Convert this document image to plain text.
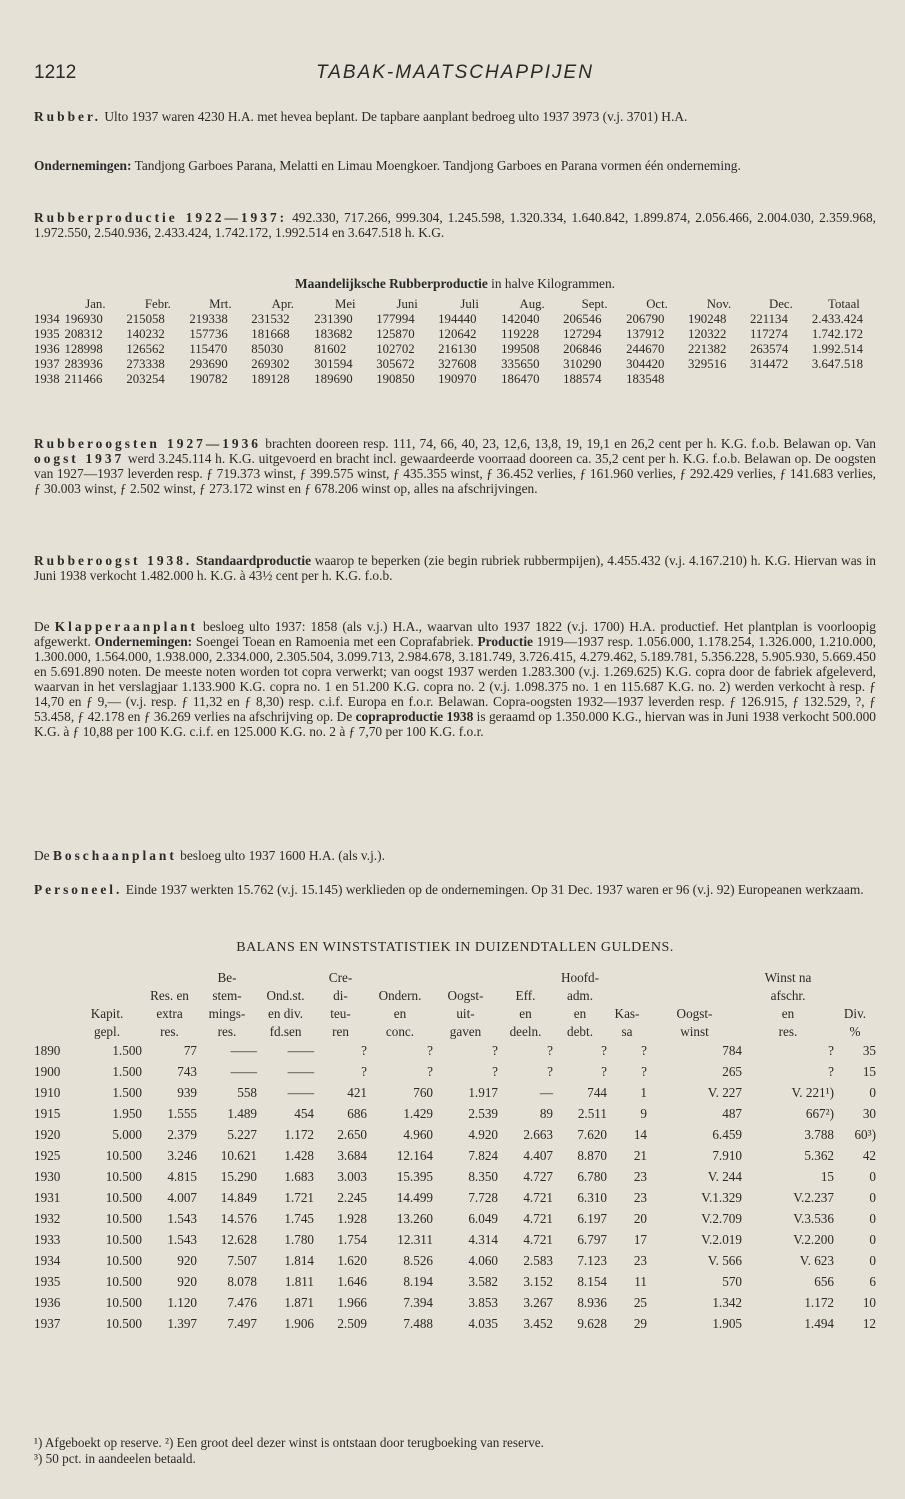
1212	TABAK-MAATSCHAPPIJEN
Rubber. Ulto 1937 waren 4230 H.A. met hevea beplant. De tapbare aanplant bedroeg ulto 1937 3973 (v.j. 3701) H.A.
Ondernemingen: Tandjong Garboes Parana, Melatti en Limau Moengkoer. Tandjong Garboes en Parana vormen één onderneming.
Rubberproductie 1922—1937: 492.330, 717.266, 999.304, 1.245.598, 1.320.334, 1.640.842, 1.899.874, 2.056.466, 2.004.030, 2.359.968, 1.972.550, 2.540.936, 2.433.424, 1.742.172, 1.992.514 en 3.647.518 h. K.G.
Maandelijksche Rubberproductie in halve Kilogrammen.
	Jan.	Febr.	Mrt.	Apr.	Mei	Juni	Juli	Aug.	Sept.	Oct.	Nov.	Dec.	Totaal
1934	196930	215058	219338	231532	231390	177994	194440	142040	206546	206790	190248	221134	2.433.424
1935	208312	140232	157736	181668	183682	125870	120642	119228	127294	137912	120322	117274	1.742.172
1936	128998	126562	115470	85030	81602	102702	216130	199508	206846	244670	221382	263574	1.992.514
1937	283936	273338	293690	269302	301594	305672	327608	335650	310290	304420	329516	314472	3.647.518
1938	211466	203254	190782	189128	189690	190850	190970	186470	188574	183548			
Rubberoogsten 1927—1936 brachten dooreen resp. 111, 74, 66, 40, 23, 12,6, 13,8, 19, 19,1 en 26,2 cent per h. K.G. f.o.b. Belawan op. Van oogst 1937 werd 3.245.114 h. K.G. uitgevoerd en bracht incl. gewaardeerde voorraad dooreen ca. 35,2 cent per h. K.G. f.o.b. Belawan op. De oogsten van 1927—1937 leverden resp. ƒ 719.373 winst, ƒ 399.575 winst, ƒ 435.355 winst, ƒ 36.452 verlies, ƒ 161.960 verlies, ƒ 292.429 verlies, ƒ 141.683 verlies, ƒ 30.003 winst, ƒ 2.502 winst, ƒ 273.172 winst en ƒ 678.206 winst op, alles na afschrijvingen.
Rubberoogst 1938. Standaardproductie waarop te beperken (zie begin rubriek rubbermpijen), 4.455.432 (v.j. 4.167.210) h. K.G. Hiervan was in Juni 1938 verkocht 1.482.000 h. K.G. à 43½ cent per h. K.G. f.o.b.
De Klapperaanplant besloeg ulto 1937: 1858 (als v.j.) H.A., waarvan ulto 1937 1822 (v.j. 1700) H.A. productief. Het plantplan is voorloopig afgewerkt. Ondernemingen: Soengei Toean en Ramoenia met een Coprafabriek. Productie 1919—1937 resp. 1.056.000, 1.178.254, 1.326.000, 1.210.000, 1.300.000, 1.564.000, 1.938.000, 2.334.000, 2.305.504, 3.099.713, 2.984.678, 3.181.749, 3.726.415, 4.279.462, 5.189.781, 5.356.228, 5.905.930, 5.669.450 en 5.691.890 noten. De meeste noten worden tot copra verwerkt; van oogst 1937 werden 1.283.300 (v.j. 1.269.625) K.G. copra door de fabriek afgeleverd, waarvan in het verslagjaar 1.133.900 K.G. copra no. 1 en 51.200 K.G. copra no. 2 (v.j. 1.098.375 no. 1 en 115.687 K.G. no. 2) werden verkocht à resp. ƒ 14,70 en ƒ 9,— (v.j. resp. ƒ 11,32 en ƒ 8,30) resp. c.i.f. Europa en f.o.r. Belawan. Copra-oogsten 1932—1937 leverden resp. ƒ 126.915, ƒ 132.529, ?, ƒ 53.458, ƒ 42.178 en ƒ 36.269 verlies na afschrijving op. De copraproductie 1938 is geraamd op 1.350.000 K.G., hiervan was in Juni 1938 verkocht 500.000 K.G. à ƒ 10,88 per 100 K.G. c.i.f. en 125.000 K.G. no. 2 à ƒ 7,70 per 100 K.G. f.o.r.
De Boschaanplant besloeg ulto 1937 1600 H.A. (als v.j.).
Personeel. Einde 1937 werkten 15.762 (v.j. 15.145) werklieden op de ondernemingen. Op 31 Dec. 1937 waren er 96 (v.j. 92) Europeanen werkzaam.
BALANS EN WINSTSTATISTIEK IN DUIZENDTALLEN GULDENS.
			Be-		Cre-				Hoofd-			Winst na	
		Res. en	stem-	Ond.st.	di-	Ondern.	Oogst-	Eff.	adm.			afschr.	
	Kapit.	extra	mings-	en div.	teu-	en	uit-	en	en	Kas-	Oogst-	en	Div.
	gepl.	res.	res.	fd.sen	ren	conc.	gaven	deeln.	debt.	sa	winst	res.	%
1890	1.500	77	——	——	?	?	?	?	?	?	784	?	35
1900	1.500	743	——	——	?	?	?	?	?	?	265	?	15
1910	1.500	939	558	——	421	760	1.917	—	744	1	V. 227	V. 221¹)	0
1915	1.950	1.555	1.489	454	686	1.429	2.539	89	2.511	9	487	667²)	30
1920	5.000	2.379	5.227	1.172	2.650	4.960	4.920	2.663	7.620	14	6.459	3.788	60³)
1925	10.500	3.246	10.621	1.428	3.684	12.164	7.824	4.407	8.870	21	7.910	5.362	42
1930	10.500	4.815	15.290	1.683	3.003	15.395	8.350	4.727	6.780	23	V. 244	15	0
1931	10.500	4.007	14.849	1.721	2.245	14.499	7.728	4.721	6.310	23	V.1.329	V.2.237	0
1932	10.500	1.543	14.576	1.745	1.928	13.260	6.049	4.721	6.197	20	V.2.709	V.3.536	0
1933	10.500	1.543	12.628	1.780	1.754	12.311	4.314	4.721	6.797	17	V.2.019	V.2.200	0
1934	10.500	920	7.507	1.814	1.620	8.526	4.060	2.583	7.123	23	V. 566	V. 623	0
1935	10.500	920	8.078	1.811	1.646	8.194	3.582	3.152	8.154	11	570	656	6
1936	10.500	1.120	7.476	1.871	1.966	7.394	3.853	3.267	8.936	25	1.342	1.172	10
1937	10.500	1.397	7.497	1.906	2.509	7.488	4.035	3.452	9.628	29	1.905	1.494	12
¹) Afgeboekt op reserve. ²) Een groot deel dezer winst is ontstaan door terugboeking van reserve.
³) 50 pct. in aandeelen betaald.
